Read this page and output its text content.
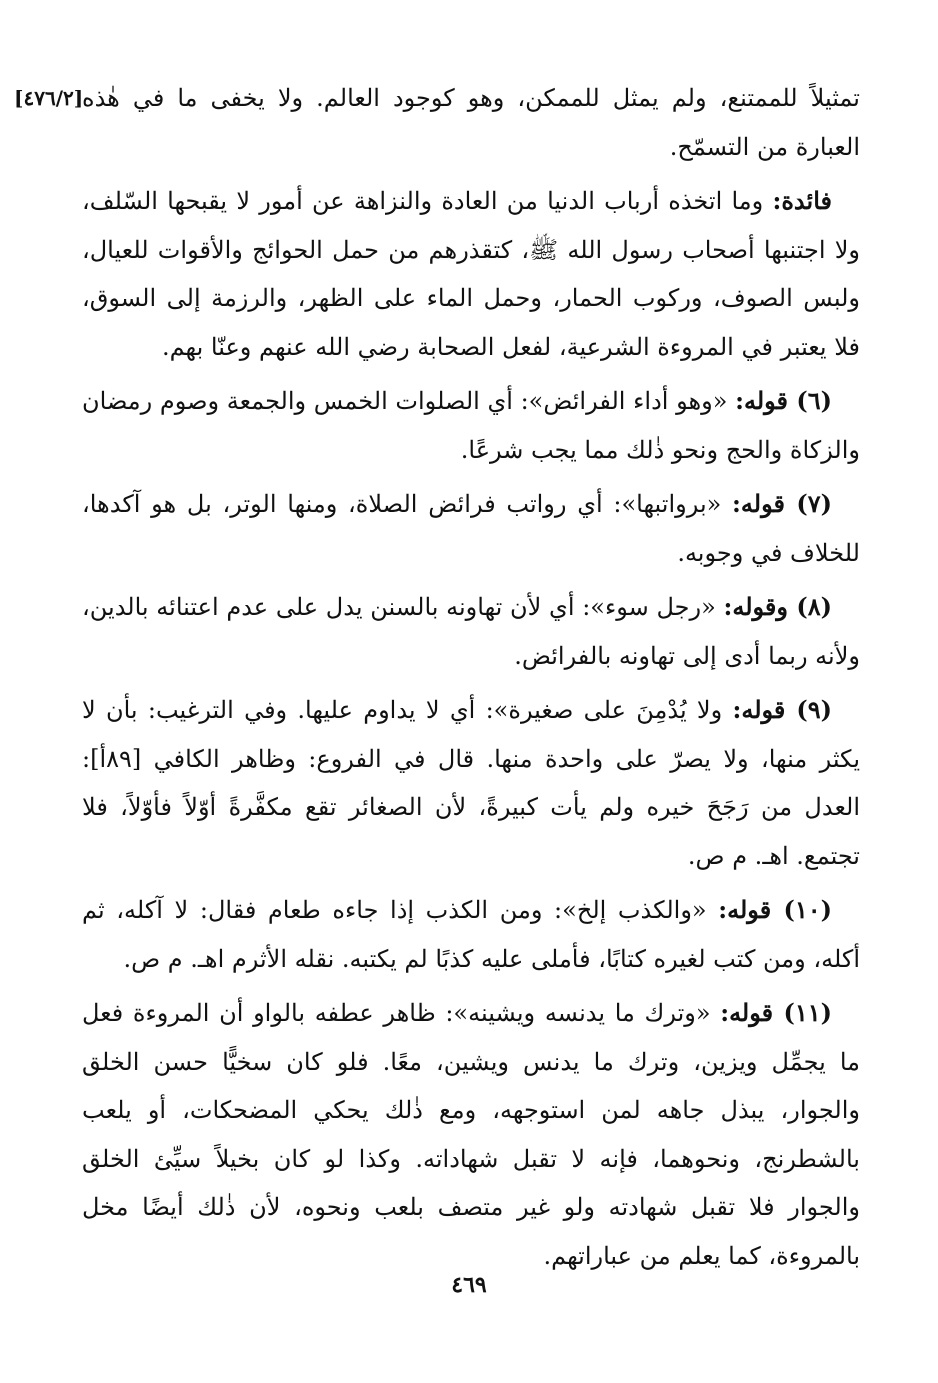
[٤٧٦/٢]

تمثيلاً للممتنع، ولم يمثل للممكن، وهو كوجود العالم. ولا يخفى ما في هٰذه العبارة من التسمّح.

فائدة: وما اتخذه أرباب الدنيا من العادة والنزاهة عن أمور لا يقبحها السّلف، ولا اجتنبها أصحاب رسول الله ﷺ، كتقذرهم من حمل الحوائج والأقوات للعيال، ولبس الصوف، وركوب الحمار، وحمل الماء على الظهر، والرزمة إلى السوق، فلا يعتبر في المروءة الشرعية، لفعل الصحابة رضي الله عنهم وعنّا بهم.

(٦) قوله: «وهو أداء الفرائض»: أي الصلوات الخمس والجمعة وصوم رمضان والزكاة والحج ونحو ذٰلك مما يجب شرعًا.

(٧) قوله: «برواتبها»: أي رواتب فرائض الصلاة، ومنها الوتر، بل هو آكدها، للخلاف في وجوبه.

(٨) وقوله: «رجل سوء»: أي لأن تهاونه بالسنن يدل على عدم اعتنائه بالدين، ولأنه ربما أدى إلى تهاونه بالفرائض.

(٩) قوله: ولا يُدْمِنَ على صغيرة»: أي لا يداوم عليها. وفي الترغيب: بأن لا يكثر منها، ولا يصرّ على واحدة منها. قال في الفروع: وظاهر الكافي [٨٩أ]: العدل من رَجَحَ خيره ولم يأت كبيرةً، لأن الصغائر تقع مكفَّرةً أوّلاً فأوّلاً، فلا تجتمع. اهـ. م ص.

(١٠) قوله: «والكذب إلخ»: ومن الكذب إذا جاءه طعام فقال: لا آكله، ثم أكله، ومن كتب لغيره كتابًا، فأملى عليه كذبًا لم يكتبه. نقله الأثرم اهـ. م ص.

(١١) قوله: «وترك ما يدنسه ويشينه»: ظاهر عطفه بالواو أن المروءة فعل ما يجمِّل ويزين، وترك ما يدنس ويشين، معًا. فلو كان سخيًّا حسن الخلق والجوار، يبذل جاهه لمن استوجهه، ومع ذٰلك يحكي المضحكات، أو يلعب بالشطرنج، ونحوهما، فإنه لا تقبل شهاداته. وكذا لو كان بخيلاً سيِّئ الخلق والجوار فلا تقبل شهادته ولو غير متصف بلعب ونحوه، لأن ذٰلك أيضًا مخل بالمروءة، كما يعلم من عباراتهم.

٤٦٩
